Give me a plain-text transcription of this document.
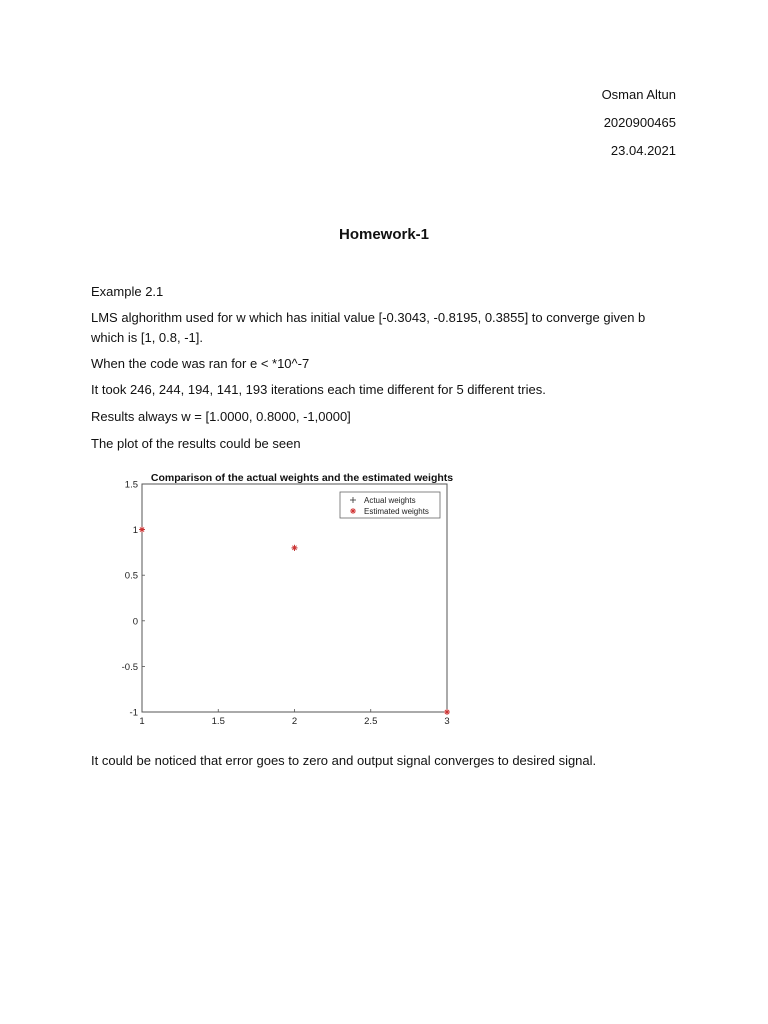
Osman Altun
2020900465
23.04.2021
Homework-1
Example 2.1
LMS alghorithm used for w which has initial value [-0.3043, -0.8195, 0.3855] to converge given b which is [1, 0.8, -1].
When the code was ran for e < *10^-7
It took 246, 244, 194, 141, 193 iterations each time different for 5 different tries.
Results always w = [1.0000, 0.8000, -1,0000]
The plot of the results could be seen
Comparison of the actual weights and the estimated weights
1	1.5	2	2.5	3
1.5
1
0.5
0
-0.5
-1
Actual weights
Estimated weights
It could be noticed that error goes to zero and output signal converges to desired signal.
